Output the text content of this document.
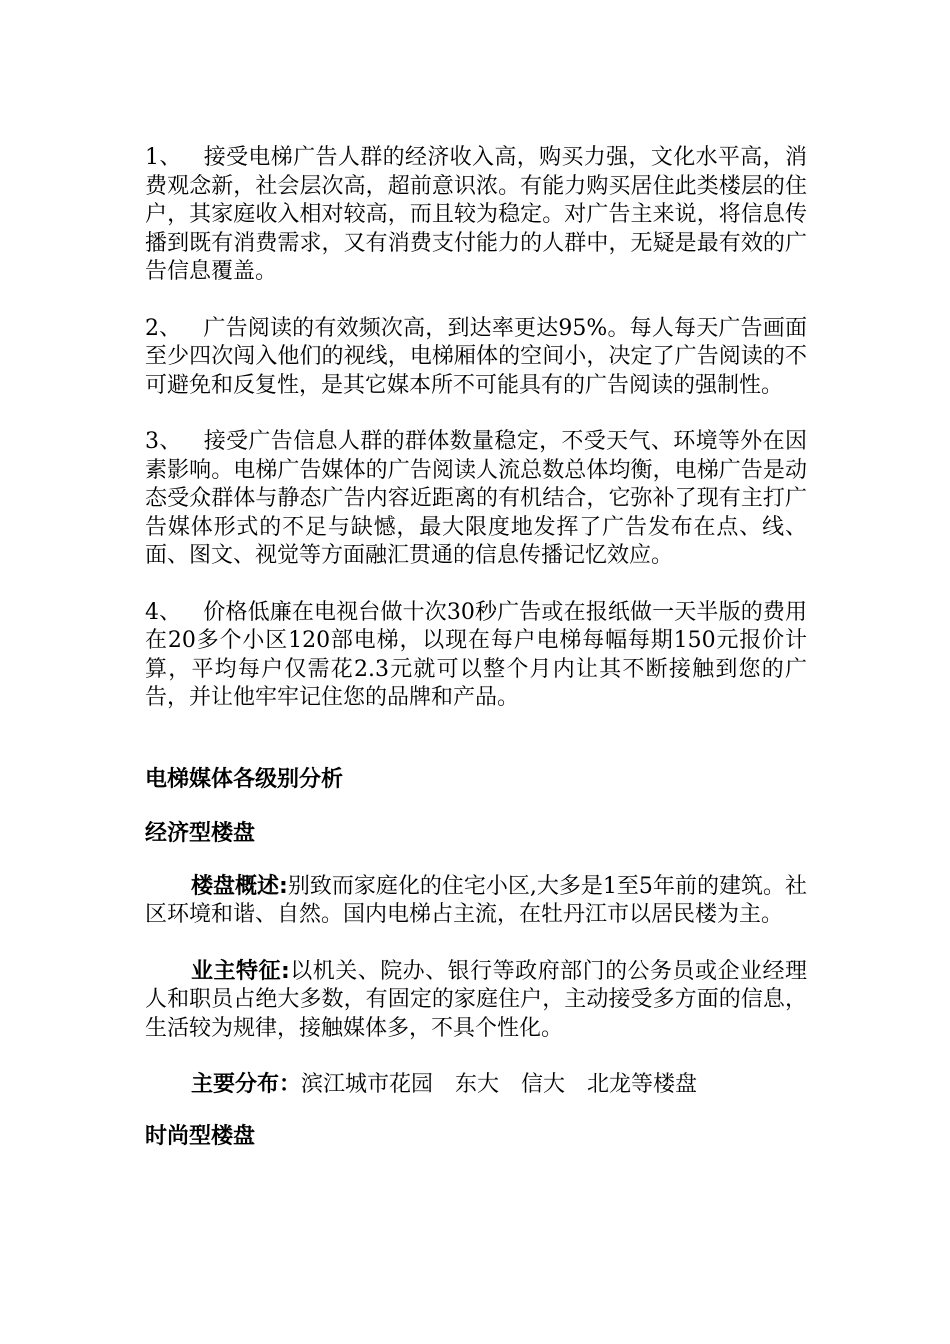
1、 接受电梯广告人群的经济收入高，购买力强，文化水平高，消费观念新，社会层次高，超前意识浓。有能力购买居住此类楼层的住户，其家庭收入相对较高，而且较为稳定。对广告主来说，将信息传播到既有消费需求，又有消费支付能力的人群中，无疑是最有效的广告信息覆盖。

2、 广告阅读的有效频次高，到达率更达95%。每人每天广告画面至少四次闯入他们的视线，电梯厢体的空间小，决定了广告阅读的不可避免和反复性，是其它媒本所不可能具有的广告阅读的强制性。

3、 接受广告信息人群的群体数量稳定，不受天气、环境等外在因素影响。电梯广告媒体的广告阅读人流总数总体均衡，电梯广告是动态受众群体与静态广告内容近距离的有机结合，它弥补了现有主打广告媒体形式的不足与缺憾，最大限度地发挥了广告发布在点、线、面、图文、视觉等方面融汇贯通的信息传播记忆效应。

4、 价格低廉在电视台做十次30秒广告或在报纸做一天半版的费用在20多个小区120部电梯，以现在每户电梯每幅每期150元报价计算，平均每户仅需花2.3元就可以整个月内让其不断接触到您的广告，并让他牢牢记住您的品牌和产品。

电梯媒体各级别分析

经济型楼盘

楼盘概述:别致而家庭化的住宅小区,大多是1至5年前的建筑。社区环境和谐、自然。国内电梯占主流，在牡丹江市以居民楼为主。

业主特征:以机关、院办、银行等政府部门的公务员或企业经理人和职员占绝大多数，有固定的家庭住户，主动接受多方面的信息，生活较为规律，接触媒体多，不具个性化。

主要分布：滨江城市花园　东大　信大　北龙等楼盘

时尚型楼盘
